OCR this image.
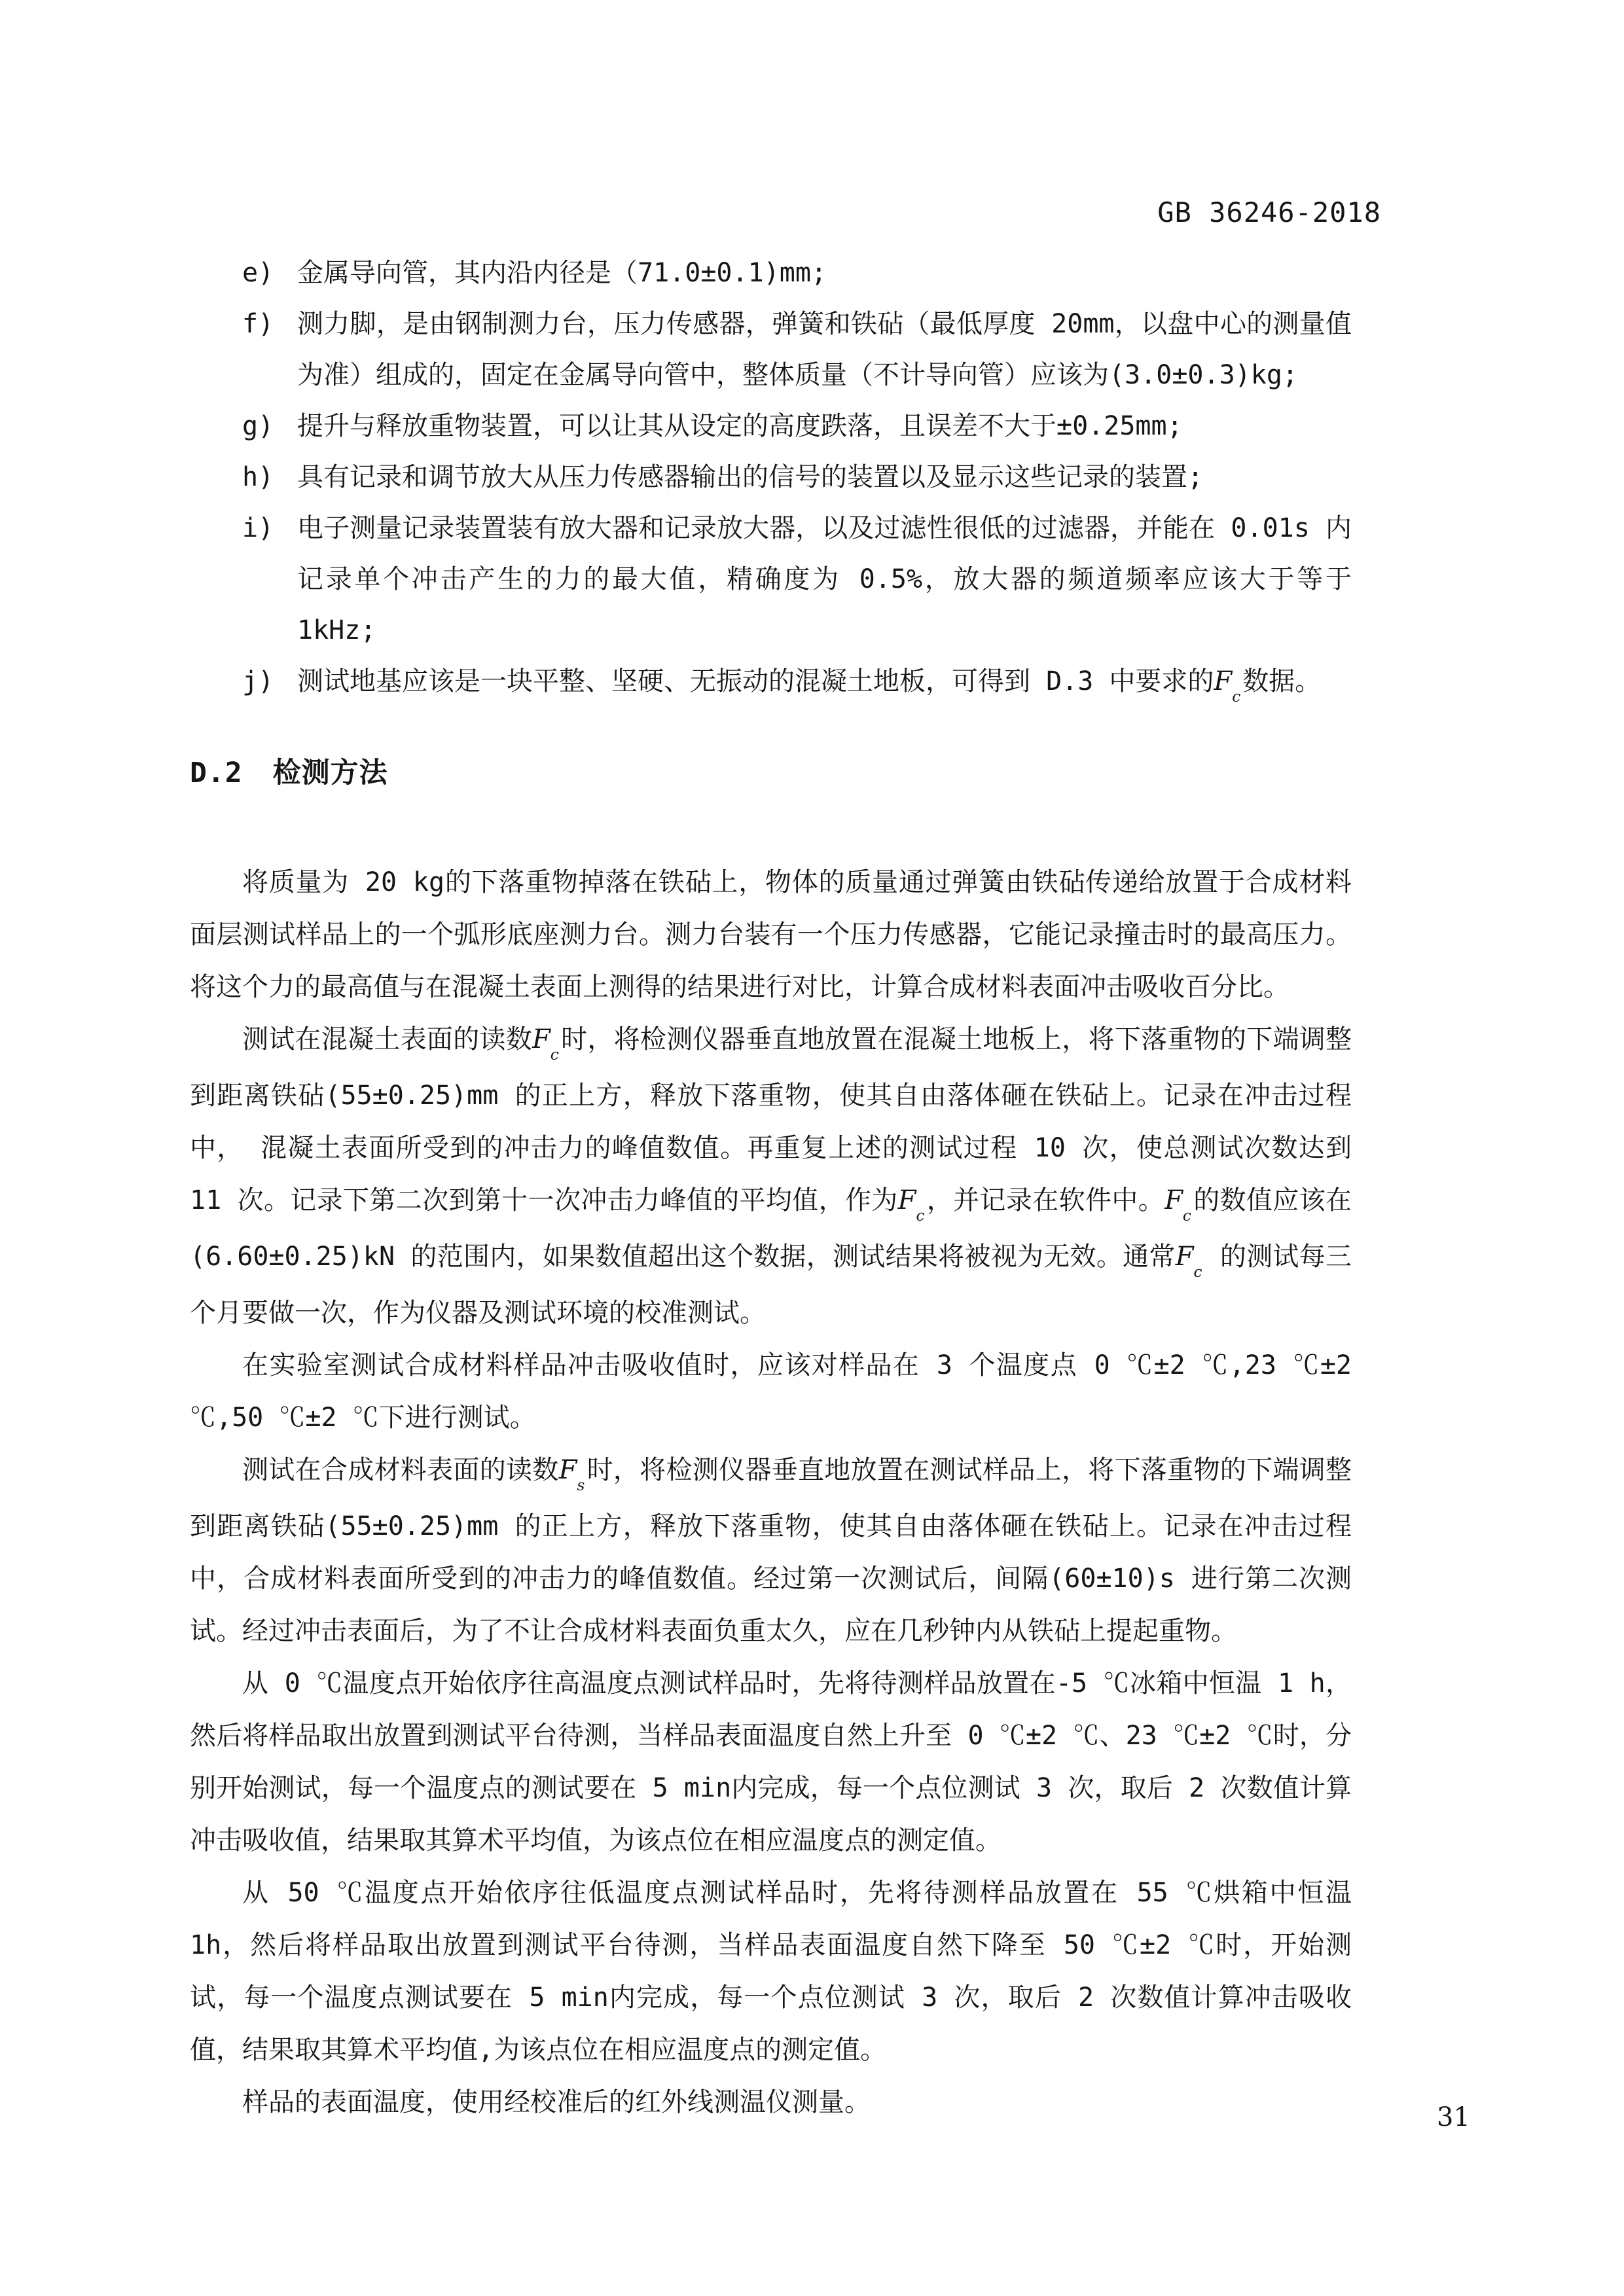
GB 36246-2018
e) 金属导向管，其内沿内径是（71.0±0.1)mm;
f) 测力脚，是由钢制测力台，压力传感器，弹簧和铁砧（最低厚度 20mm，以盘中心的测量值为准）组成的，固定在金属导向管中，整体质量（不计导向管）应该为(3.0±0.3)kg;
g) 提升与释放重物装置，可以让其从设定的高度跌落，且误差不大于±0.25mm;
h) 具有记录和调节放大从压力传感器输出的信号的装置以及显示这些记录的装置;
i) 电子测量记录装置装有放大器和记录放大器，以及过滤性很低的过滤器，并能在 0.01s 内记录单个冲击产生的力的最大值，精确度为 0.5%，放大器的频道频率应该大于等于 1kHz;
j) 测试地基应该是一块平整、坚硬、无振动的混凝土地板，可得到 D.3 中要求的$F_c$数据。
D.2 检测方法

将质量为 20 kg的下落重物掉落在铁砧上，物体的质量通过弹簧由铁砧传递给放置于合成材料面层测试样品上的一个弧形底座测力台。测力台装有一个压力传感器，它能记录撞击时的最高压力。将这个力的最高值与在混凝土表面上测得的结果进行对比，计算合成材料表面冲击吸收百分比。

测试在混凝土表面的读数$F_c$时，将检测仪器垂直地放置在混凝土地板上，将下落重物的下端调整到距离铁砧(55±0.25)mm 的正上方，释放下落重物，使其自由落体砸在铁砧上。记录在冲击过程中， 混凝土表面所受到的冲击力的峰值数值。再重复上述的测试过程 10 次，使总测试次数达到 11 次。记录下第二次到第十一次冲击力峰值的平均值，作为$F_c$，并记录在软件中。$F_c$的数值应该在(6.60±0.25)kN 的范围内，如果数值超出这个数据，测试结果将被视为无效。通常$F_c$ 的测试每三个月要做一次，作为仪器及测试环境的校准测试。

在实验室测试合成材料样品冲击吸收值时，应该对样品在 3 个温度点 0 ℃±2 ℃,23 ℃±2 ℃,50 ℃±2 ℃下进行测试。

测试在合成材料表面的读数$F_s$时，将检测仪器垂直地放置在测试样品上，将下落重物的下端调整到距离铁砧(55±0.25)mm 的正上方，释放下落重物，使其自由落体砸在铁砧上。记录在冲击过程中，合成材料表面所受到的冲击力的峰值数值。经过第一次测试后，间隔(60±10)s 进行第二次测试。经过冲击表面后，为了不让合成材料表面负重太久，应在几秒钟内从铁砧上提起重物。

从 0 ℃温度点开始依序往高温度点测试样品时，先将待测样品放置在-5 ℃冰箱中恒温 1 h，然后将样品取出放置到测试平台待测，当样品表面温度自然上升至 0 ℃±2 ℃、23 ℃±2 ℃时，分别开始测试，每一个温度点的测试要在 5 min内完成，每一个点位测试 3 次，取后 2 次数值计算冲击吸收值，结果取其算术平均值，为该点位在相应温度点的测定值。

从 50 ℃温度点开始依序往低温度点测试样品时，先将待测样品放置在 55 ℃烘箱中恒温 1h，然后将样品取出放置到测试平台待测，当样品表面温度自然下降至 50 ℃±2 ℃时，开始测试，每一个温度点测试要在 5 min内完成，每一个点位测试 3 次，取后 2 次数值计算冲击吸收值，结果取其算术平均值,为该点位在相应温度点的测定值。

样品的表面温度，使用经校准后的红外线测温仪测量。	31
